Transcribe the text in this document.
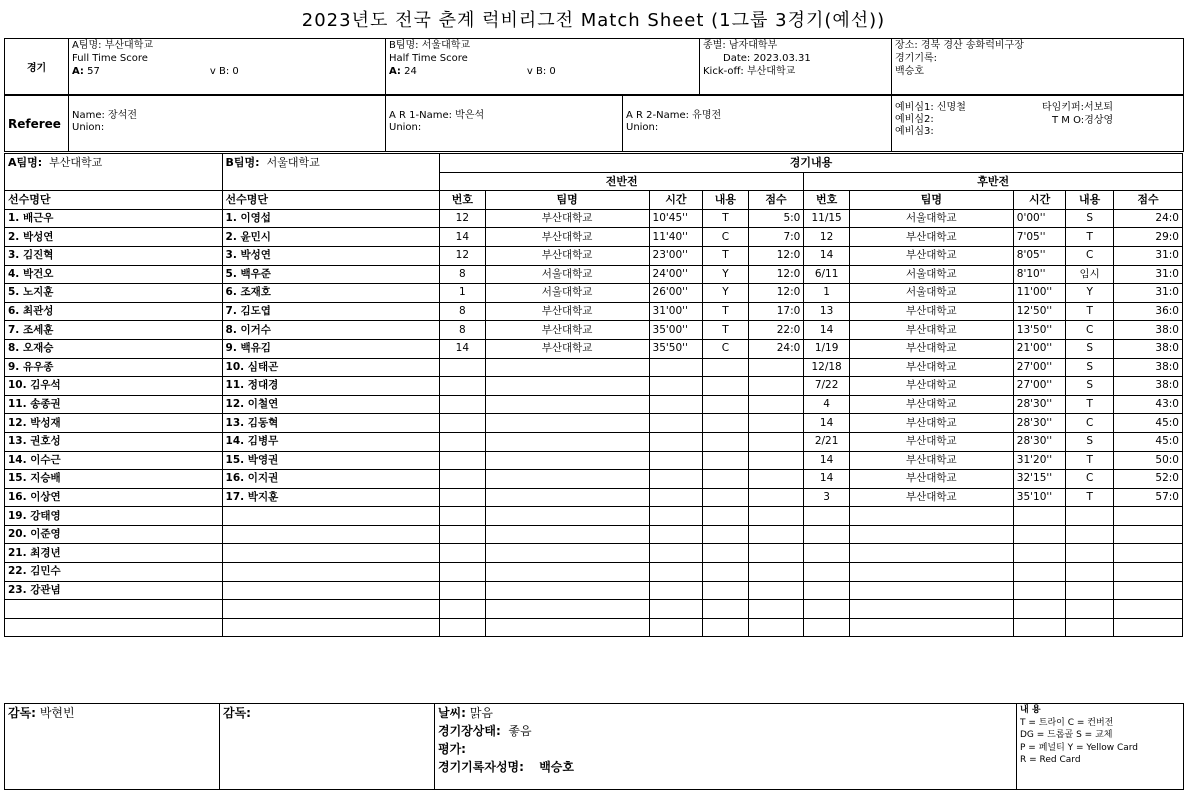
2023년도 전국 춘계 럭비리그전 Match Sheet (1그룹 3경기(예선))
경기	
A팀명: 부산대학교
Full Time Score
A: 57	v B: 0

B팀명: 서울대학교
Half Time Score
A: 24	v B: 0

종별: 남자대학부
Date: 2023.03.31
Kick-off: 부산대학교

장소: 경북 경산 송화럭비구장
경기기록:
백승호
Referee	
Name: 장석전
Union:

A R 1-Name: 박은석
Union:

A R 2-Name: 유명전
Union:

예비심1: 신명철
예비심2:
예비심3:
타임키퍼:서보퇴
T M O:경상영
A팀명: 부산대학교	B팀명: 서울대학교	경기내용									
		전반전					후반전				
선수명단	선수명단	번호	팀명	시간	내용	점수	번호	팀명	시간	내용	점수
1. 배근우	1. 이영섭	12	부산대학교	10'45''	T	5:0	11/15	서울대학교	0'00''	S	24:0
2. 박성연	2. 윤민시	14	부산대학교	11'40''	C	7:0	12	부산대학교	7'05''	T	29:0
3. 김진혁	3. 박성연	12	부산대학교	23'00''	T	12:0	14	부산대학교	8'05''	C	31:0
4. 박건오	5. 백우준	8	서울대학교	24'00''	Y	12:0	6/11	서울대학교	8'10''	임시	31:0
5. 노지훈	6. 조재호	1	서울대학교	26'00''	Y	12:0	1	서울대학교	11'00''	Y	31:0
6. 최관성	7. 김도엽	8	부산대학교	31'00''	T	17:0	13	부산대학교	12'50''	T	36:0
7. 조세훈	8. 이거수	8	부산대학교	35'00''	T	22:0	14	부산대학교	13'50''	C	38:0
8. 오재승	9. 백유김	14	부산대학교	35'50''	C	24:0	1/19	부산대학교	21'00''	S	38:0
9. 유우종	10. 심태곤						12/18	부산대학교	27'00''	S	38:0
10. 김우석	11. 정대경						7/22	부산대학교	27'00''	S	38:0
11. 송종권	12. 이철연						4	부산대학교	28'30''	T	43:0
12. 박성재	13. 김동혁						14	부산대학교	28'30''	C	45:0
13. 권호성	14. 김병무						2/21	부산대학교	28'30''	S	45:0
14. 이수근	15. 박영권						14	부산대학교	31'20''	T	50:0
15. 지승배	16. 이지권						14	부산대학교	32'15''	C	52:0
16. 이상연	17. 박지훈						3	부산대학교	35'10''	T	57:0
19. 강태영											
20. 이준영											
21. 최경년											
22. 김민수											
23. 강관념											

감독: 박현빈	감독:	날씨: 맑음
경기장상태: 좋음
평가:
경기기록자성명: 백승호

내 용
T = 트라이 C = 컨버전
DG = 드롭골 S = 교체
P = 페널티 Y = Yellow Card
R = Red Card
